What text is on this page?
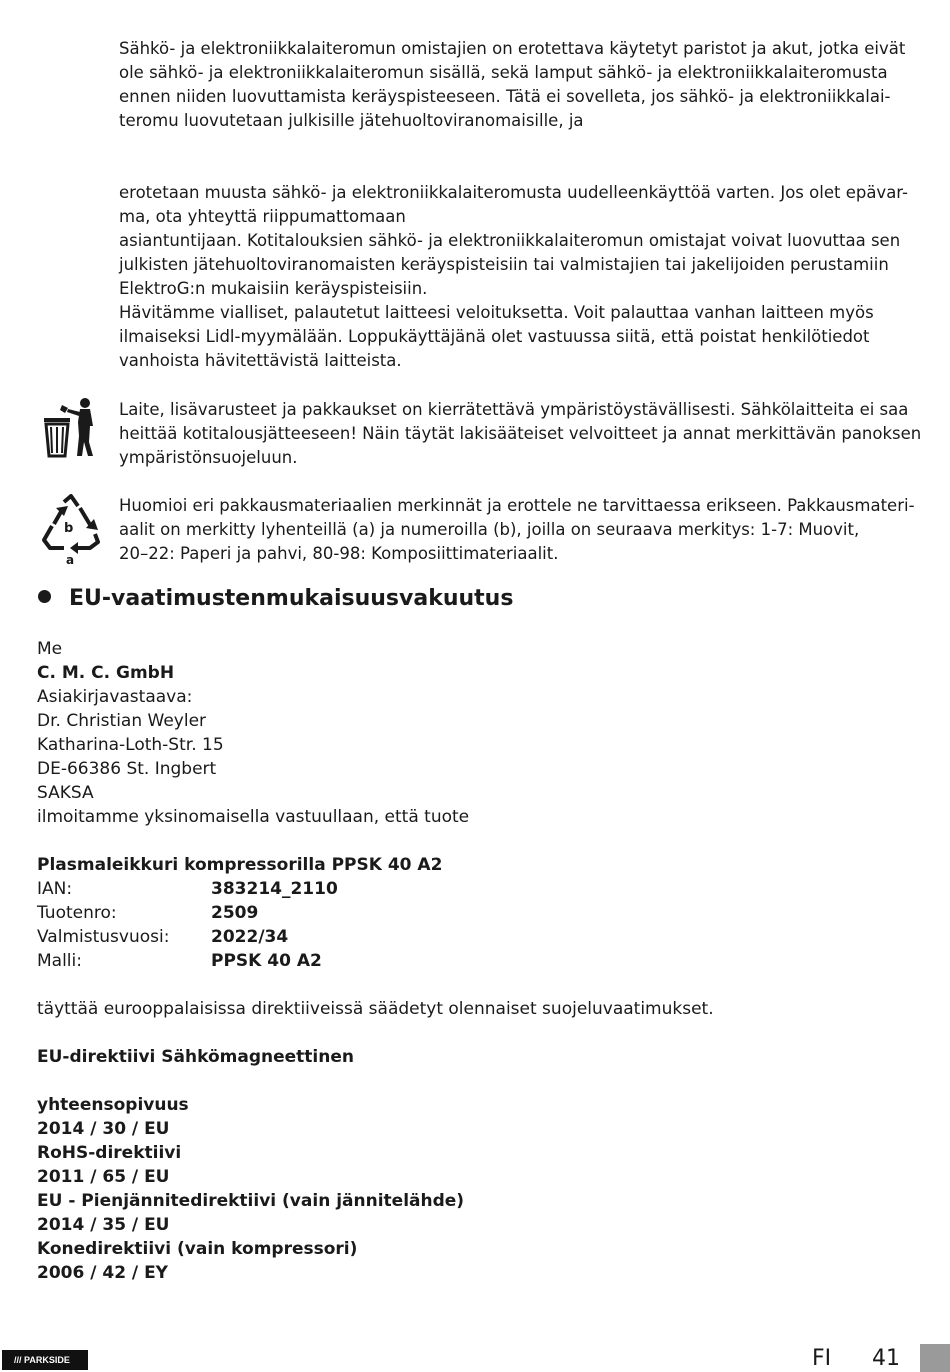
Sähkö- ja elektroniikkalaiteromun omistajien on erotettava käytetyt paristot ja akut, jotka eivät
ole sähkö- ja elektroniikkalaiteromun sisällä, sekä lamput sähkö- ja elektroniikkalaiteromusta
ennen niiden luovuttamista keräyspisteeseen. Tätä ei sovelleta, jos sähkö- ja elektroniikkalai-
teromu luovutetaan julkisille jätehuoltoviranomaisille, ja
erotetaan muusta sähkö- ja elektroniikkalaiteromusta uudelleenkäyttöä varten. Jos olet epävar-
ma, ota yhteyttä riippumattomaan
asiantuntijaan. Kotitalouksien sähkö- ja elektroniikkalaiteromun omistajat voivat luovuttaa sen
julkisten jätehuoltoviranomaisten keräyspisteisiin tai valmistajien tai jakelijoiden perustamiin
ElektroG:n mukaisiin keräyspisteisiin.
Hävitämme vialliset, palautetut laitteesi veloituksetta. Voit palauttaa vanhan laitteen myös
ilmaiseksi Lidl-myymälään. Loppukäyttäjänä olet vastuussa siitä, että poistat henkilötiedot
vanhoista hävitettävistä laitteista.
Laite, lisävarusteet ja pakkaukset on kierrätettävä ympäristöystävällisesti. Sähkölaitteita ei saa
heittää kotitalousjätteeseen! Näin täytät lakisääteiset velvoitteet ja annat merkittävän panoksen
ympäristönsuojeluun.
b
a
Huomioi eri pakkausmateriaalien merkinnät ja erottele ne tarvittaessa erikseen. Pakkausmateri-
aalit on merkitty lyhenteillä (a) ja numeroilla (b), joilla on seuraava merkitys: 1-7: Muovit,
20–22: Paperi ja pahvi, 80-98: Komposiittimateriaalit.
EU-vaatimustenmukaisuusvakuutus
Me
C. M. C. GmbH
Asiakirjavastaava:
Dr. Christian Weyler
Katharina-Loth-Str. 15
DE-66386 St. Ingbert
SAKSA
ilmoitamme yksinomaisella vastuullaan, että tuote
Plasmaleikkuri kompressorilla PPSK 40 A2
IAN:	383214_2110
Tuotenro:	2509
Valmistusvuosi:	2022/34
Malli:	PPSK 40 A2
täyttää eurooppalaisissa direktiiveissä säädetyt olennaiset suojeluvaatimukset.
EU-direktiivi Sähkömagneettinen
yhteensopivuus
2014 / 30 / EU
RoHS-direktiivi
2011 / 65 / EU
EU - Pienjännitedirektiivi (vain jännitelähde)
2014 / 35 / EU
Konedirektiivi (vain kompressori)
2006 / 42 / EY
/// PARKSIDE	FI 41
